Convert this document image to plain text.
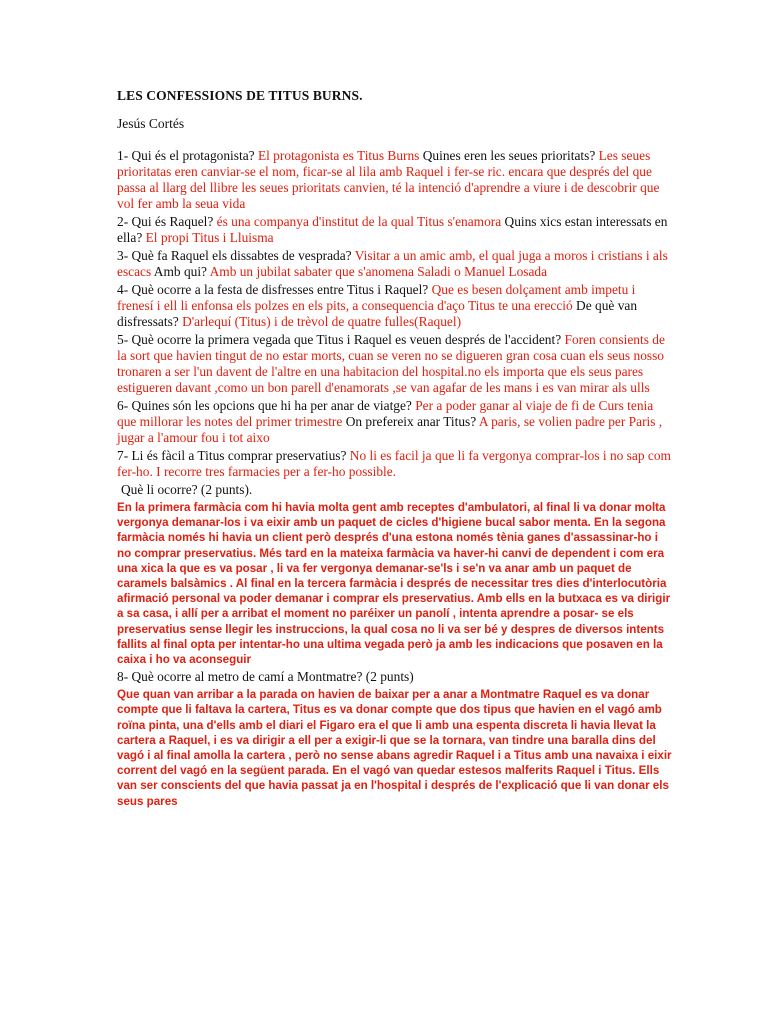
LES CONFESSIONS DE TITUS BURNS.
Jesús Cortés

1- Qui és el protagonista? El protagonista es Titus Burns Quines eren les seues prioritats? Les seues prioritatas eren canviar-se el nom, ficar-se al lila amb Raquel i fer-se ric. encara que després del que passa al llarg del llibre les seues prioritats canvien, té la intenció d'aprendre a viure i de descobrir que vol fer amb la seua vida

2- Qui és Raquel? és una companya d'institut de la qual Titus s'enamora Quins xics estan interessats en ella? El propi Titus i Lluisma

3- Què fa Raquel els dissabtes de vesprada? Visitar a un amic amb, el qual juga a moros i cristians i als escacs Amb qui? Amb un jubilat sabater que s'anomena Saladi o Manuel Losada

4- Què ocorre a la festa de disfresses entre Titus i Raquel? Que es besen dolçament amb impetu i frenesí i ell li enfonsa els polzes en els pits, a consequencia d'aço Titus te una erecció De què van disfressats? D'arlequí (Titus) i de trèvol de quatre fulles(Raquel)

5- Què ocorre la primera vegada que Titus i Raquel es veuen després de l'accident? Foren consients de la sort que havien tingut de no estar morts, cuan se veren no se digueren gran cosa cuan els seus nosso tronaren a ser l'un davent de l'altre en una habitacion del hospital.no els importa que els seus pares estigueren davant ,como un bon parell d'enamorats ,se van agafar de les mans i es van mirar als ulls

6- Quines són les opcions que hi ha per anar de viatge? Per a poder ganar al viaje de fi de Curs tenia que millorar les notes del primer trimestre On prefereix anar Titus? A paris, se volien padre per Paris , jugar a l'amour fou i tot aixo

7- Li és fàcil a Titus comprar preservatius? No li es facil ja que li fa vergonya comprar-los i no sap com fer-ho. I recorre tres farmacies per a fer-ho possible.

Què li ocorre? (2 punts).

En la primera farmàcia com hi havia molta gent amb receptes d'ambulatori, al final li va donar molta vergonya demanar-los i va eixir amb un paquet de cicles d'higiene bucal sabor menta. En la segona farmàcia només hi havia un client però després d'una estona només tènia ganes d'assassinar-ho i no comprar preservatius. Més tard en la mateixa farmàcia va haver-hi canvi de dependent i com era una xica la que es va posar , li va fer vergonya demanar-se'ls i se'n va anar amb un paquet de caramels balsàmics . Al final en la tercera farmàcia i després de necessitar tres dies d'interlocutòria afirmació personal va poder demanar i comprar els preservatius. Amb ells en la butxaca es va dirigir a sa casa, i allí per a arribat el moment no paréixer un panolí , intenta aprendre a posar- se els preservatius sense llegir les instruccions, la qual cosa no li va ser bé y despres de diversos intents fallits al final opta per intentar-ho una ultima vegada però ja amb les indicacions que posaven en la caixa i ho va aconseguir

8- Què ocorre al metro de camí a Montmatre? (2 punts)

Que quan van arribar a la parada on havien de baixar per a anar a Montmatre Raquel es va donar compte que li faltava la cartera, Titus es va donar compte que dos tipus que havien en el vagó amb roïna pinta, una d'ells amb el diari el Figaro era el que li amb una espenta discreta li havia llevat la cartera a Raquel, i es va dirigir a ell per a exigir-li que se la tornara, van tindre una baralla dins del vagó i al final amolla la cartera , però no sense abans agredir Raquel i a Titus amb una navaixa i eixir corrent del vagó en la següent parada. En el vagó van quedar estesos malferits Raquel i Titus. Ells van ser conscients del que havia passat ja en l'hospital i després de l'explicació que li van donar els seus pares
